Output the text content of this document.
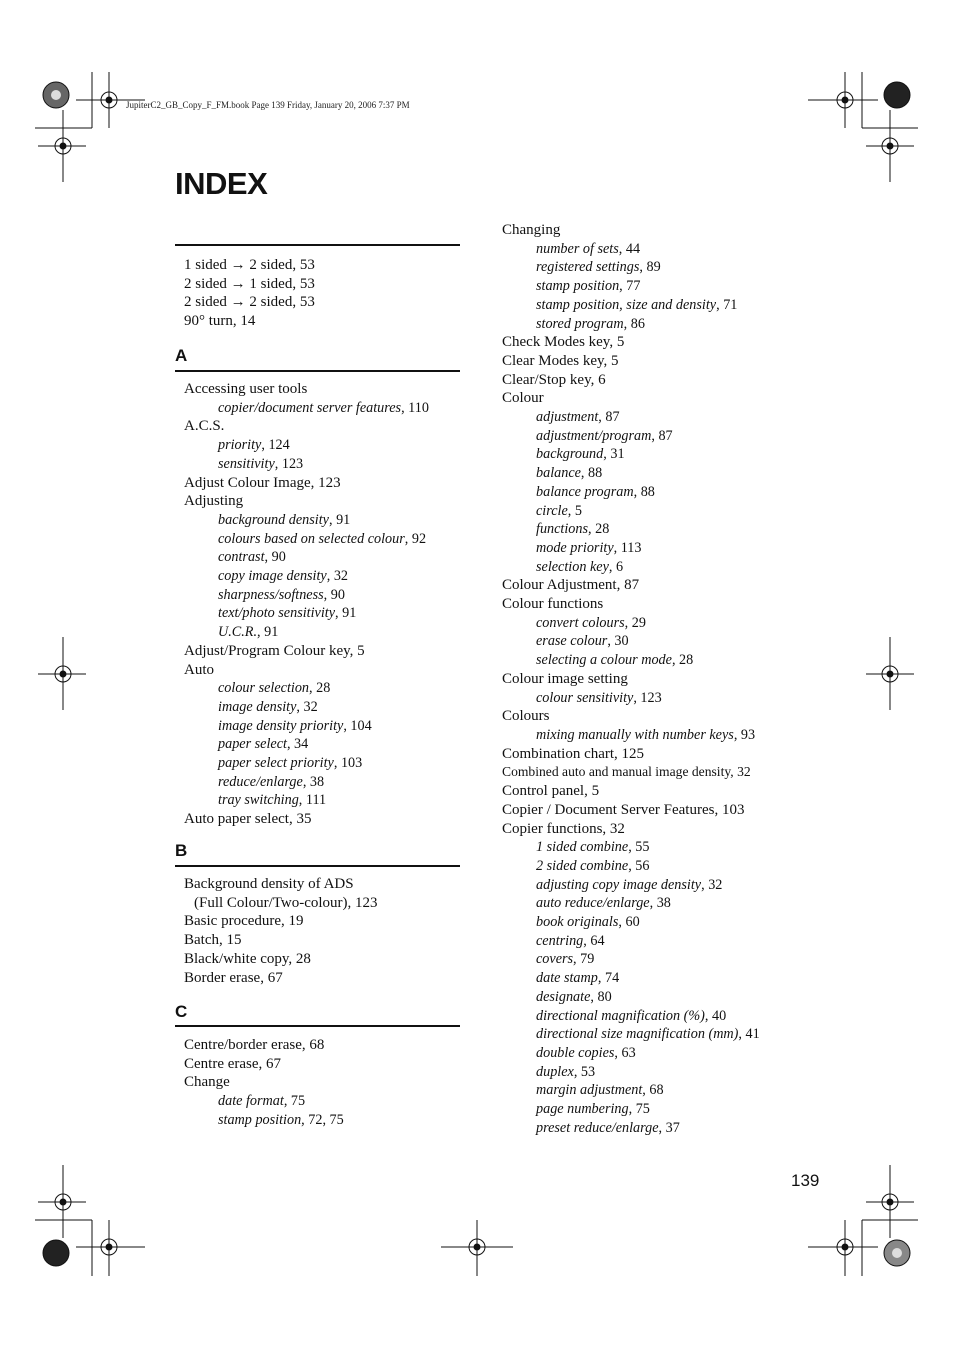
JupiterC2_GB_Copy_F_FM.book Page 139 Friday, January 20, 2006 7:37 PM
INDEX
1 sided → 2 sided, 53
2 sided → 1 sided, 53
2 sided → 2 sided, 53
90° turn, 14
A
Accessing user tools
copier/document server features, 110
A.C.S.
priority, 124
sensitivity, 123
Adjust Colour Image, 123
Adjusting
background density, 91
colours based on selected colour, 92
contrast, 90
copy image density, 32
sharpness/softness, 90
text/photo sensitivity, 91
U.C.R., 91
Adjust/Program Colour key, 5
Auto
colour selection, 28
image density, 32
image density priority, 104
paper select, 34
paper select priority, 103
reduce/enlarge, 38
tray switching, 111
Auto paper select, 35
B
Background density of ADS
(Full Colour/Two-colour), 123
Basic procedure, 19
Batch, 15
Black/white copy, 28
Border erase, 67
C
Centre/border erase, 68
Centre erase, 67
Change
date format, 75
stamp position, 72, 75
Changing
number of sets, 44
registered settings, 89
stamp position, 77
stamp position, size and density, 71
stored program, 86
Check Modes key, 5
Clear Modes key, 5
Clear/Stop key, 6
Colour
adjustment, 87
adjustment/program, 87
background, 31
balance, 88
balance program, 88
circle, 5
functions, 28
mode priority, 113
selection key, 6
Colour Adjustment, 87
Colour functions
convert colours, 29
erase colour, 30
selecting a colour mode, 28
Colour image setting
colour sensitivity, 123
Colours
mixing manually with number keys, 93
Combination chart, 125
Combined auto and manual image density, 32
Control panel, 5
Copier / Document Server Features, 103
Copier functions, 32
1 sided combine, 55
2 sided combine, 56
adjusting copy image density, 32
auto reduce/enlarge, 38
book originals, 60
centring, 64
covers, 79
date stamp, 74
designate, 80
directional magnification (%), 40
directional size magnification (mm), 41
double copies, 63
duplex, 53
margin adjustment, 68
page numbering, 75
preset reduce/enlarge, 37
139
